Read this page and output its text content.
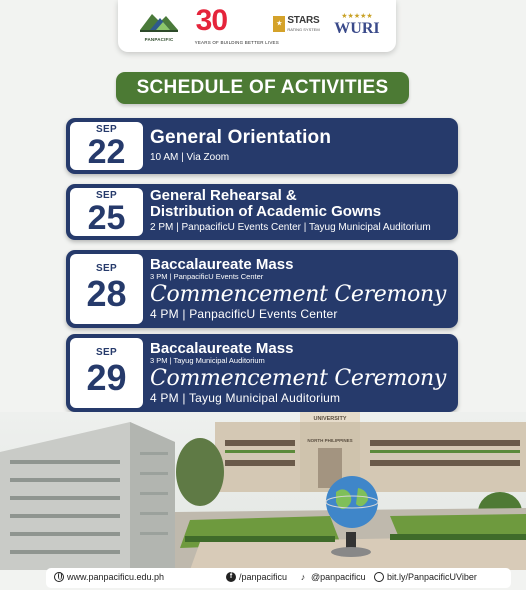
PANPACIFIC
30
YEARS OF BUILDING BETTER LIVES
★ STARS
RATING SYSTEM
★★★★★
WURI
SCHEDULE OF ACTIVITIES
SEP
22	General Orientation
10 AM | Via Zoom
SEP
25
General Rehearsal &
Distribution of Academic Gowns
2 PM | PanpacificU Events Center | Tayug Municipal Auditorium
SEP
28
Baccalaureate Mass
3 PM | PanpacificU Events Center
Commencement Ceremony
4 PM | PanpacificU Events Center
SEP
29
Baccalaureate Mass
3 PM | Tayug Municipal Auditorium
Commencement Ceremony
4 PM | Tayug Municipal Auditorium
UNIVERSITY
NORTH PHILIPPINES
www.panpacificu.edu.ph	f /panpacificu	♪ @panpacificu bit.ly/PanpacificUViber
